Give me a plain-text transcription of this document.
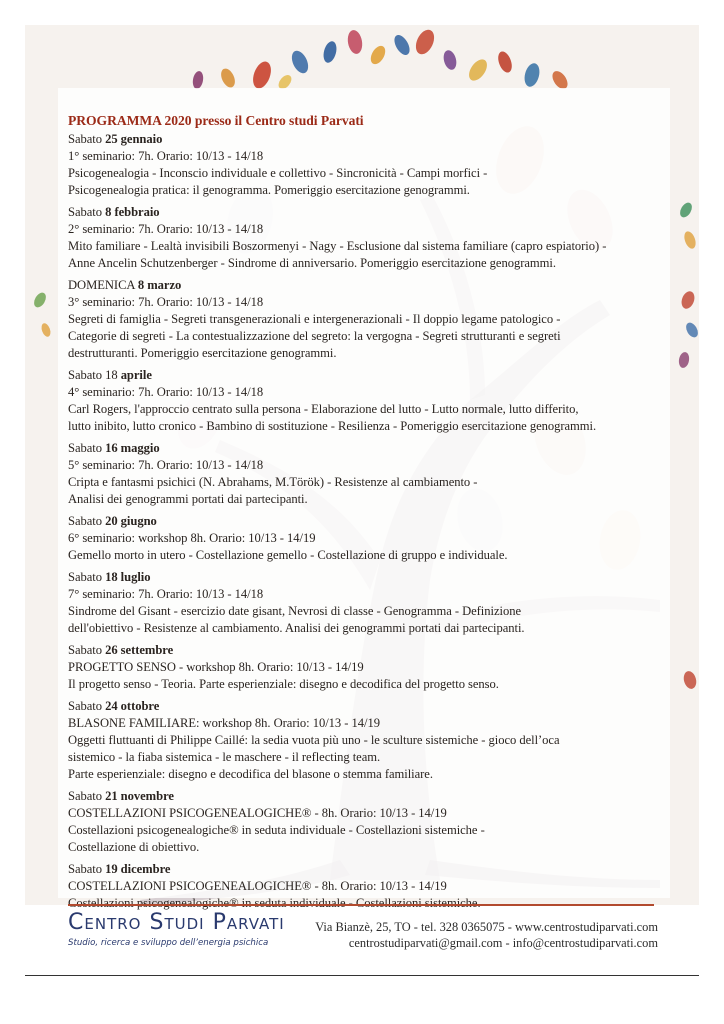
PROGRAMMA 2020 presso il Centro studi Parvati
Sabato 25 gennaio
1° seminario: 7h. Orario: 10/13 - 14/18
Psicogenealogia - Inconscio individuale e collettivo - Sincronicità - Campi morfici -
Psicogenealogia pratica: il genogramma. Pomeriggio esercitazione genogrammi.
Sabato 8 febbraio
2° seminario: 7h. Orario: 10/13 - 14/18
Mito familiare - Lealtà invisibili Boszormenyi - Nagy - Esclusione dal sistema familiare (capro espiatorio) -
Anne Ancelin Schutzenberger - Sindrome di anniversario. Pomeriggio esercitazione genogrammi.
DOMENICA 8 marzo
3° seminario: 7h. Orario: 10/13 - 14/18
Segreti di famiglia - Segreti transgenerazionali e intergenerazionali - Il doppio legame patologico -
Categorie di segreti - La contestualizzazione del segreto: la vergogna - Segreti strutturanti e segreti
destrutturanti. Pomeriggio esercitazione genogrammi.
Sabato 18 aprile
4° seminario: 7h. Orario: 10/13 - 14/18
Carl Rogers, l'approccio centrato sulla persona - Elaborazione del lutto - Lutto normale, lutto differito,
lutto inibito, lutto cronico - Bambino di sostituzione - Resilienza - Pomeriggio esercitazione genogrammi.
Sabato 16 maggio
5° seminario: 7h. Orario: 10/13 - 14/18
Cripta e fantasmi psichici (N. Abrahams, M.Török) - Resistenze al cambiamento -
Analisi dei genogrammi portati dai partecipanti.
Sabato 20 giugno
6° seminario: workshop 8h. Orario: 10/13 - 14/19
Gemello morto in utero - Costellazione gemello - Costellazione di gruppo e individuale.
Sabato 18 luglio
7° seminario: 7h. Orario: 10/13 - 14/18
Sindrome del Gisant - esercizio date gisant, Nevrosi di classe - Genogramma - Definizione
dell'obiettivo - Resistenze al cambiamento. Analisi dei genogrammi portati dai partecipanti.
Sabato 26 settembre
PROGETTO SENSO - workshop 8h. Orario: 10/13 - 14/19
Il progetto senso - Teoria. Parte esperienziale: disegno e decodifica del progetto senso.
Sabato 24 ottobre
BLASONE FAMILIARE: workshop 8h. Orario: 10/13 - 14/19
Oggetti fluttuanti di Philippe Caillé: la sedia vuota più uno - le sculture sistemiche - gioco dell’oca
sistemico - la fiaba sistemica - le maschere - il reflecting team.
Parte esperienziale: disegno e decodifica del blasone o stemma familiare.
Sabato 21 novembre
COSTELLAZIONI PSICOGENEALOGICHE® - 8h. Orario: 10/13 - 14/19
Costellazioni psicogenealogiche® in seduta individuale - Costellazioni sistemiche -
Costellazione di obiettivo.
Sabato 19 dicembre
COSTELLAZIONI PSICOGENEALOGICHE® - 8h. Orario: 10/13 - 14/19
Costellazioni psicogenealogiche® in seduta individuale - Costellazioni sistemiche.
CENTRO STUDI PARVATI
Studio, ricerca e sviluppo dell’energia psichica
Via Bianzè, 25, TO - tel. 328 0365075 - www.centrostudiparvati.com
centrostudiparvati@gmail.com - info@centrostudiparvati.com
